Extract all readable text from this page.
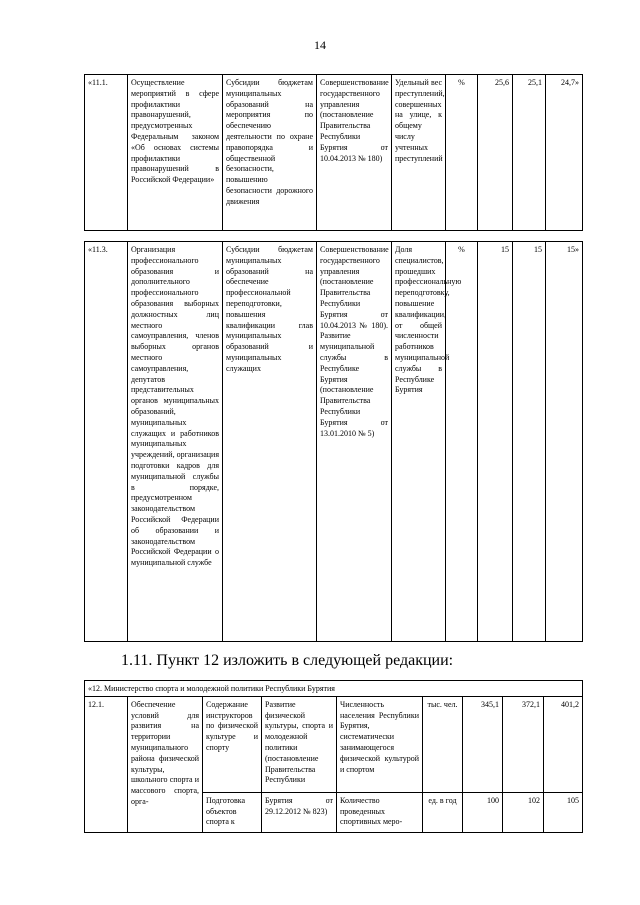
14
«11.1.	Осуществление мероприятий в сфере профилактики правонарушений, предусмотренных Федеральным законом «Об основах системы профилактики правонарушений в Российской Федерации»	Субсидии бюджетам муниципальных образований на мероприятия по обеспечению деятельности по охране правопорядка и общественной безопасности, повышению безопасности дорожного движения	Совершенствование государственного управления (постановление Правительства Республики Бурятия от 10.04.2013 № 180)	Удельный вес преступлений, совершенных на улице, к общему числу учтенных преступлений	%	25,6	25,1	24,7»
«11.3.	Организация профессионального образования и дополнительного профессионального образования выборных должностных лиц местного самоуправления, членов выборных органов местного самоуправления, депутатов представительных органов муниципальных образований, муниципальных служащих и работников муниципальных учреждений, организация подготовки кадров для муниципальной службы в порядке, предусмотренном законодательством Российской Федерации об образовании и законодательством Российской Федерации о муниципальной службе	Субсидии бюджетам муниципальных образований на обеспечение профессиональной переподготовки, повышения квалификации глав муниципальных образований и муниципальных служащих	Совершенствование государственного управления (постановление Правительства Республики Бурятия от 10.04.2013 № 180). Развитие муниципальной службы в Республике Бурятия (постановление Правительства Республики Бурятия от 13.01.2010 № 5)	Доля специалистов, прошедших профессиональную переподготовку, повышение квалификации, от общей численности работников муниципальной службы в Республике Бурятия	%	15	15	15»
1.11. Пункт 12 изложить в следующей редакции:
«12. Министерство спорта и молодежной политики Республики Бурятия								
12.1.	Обеспечение условий для развития на территории муниципального района физической культуры, школьного спорта и массового спорта, орга-	Содержание инструкторов по физической культуре и спорту	Развитие физической культуры, спорта и молодежной политики (постановление Правительства Республики	Численность населения Республики Бурятия, систематически занимающегося физической культурой и спортом	тыс. чел.	345,1	372,1	401,2
		Подготовка объектов спорта к	Бурятия от 29.12.2012 № 823)	Количество проведенных спортивных меро-	ед. в год	100	102	105
